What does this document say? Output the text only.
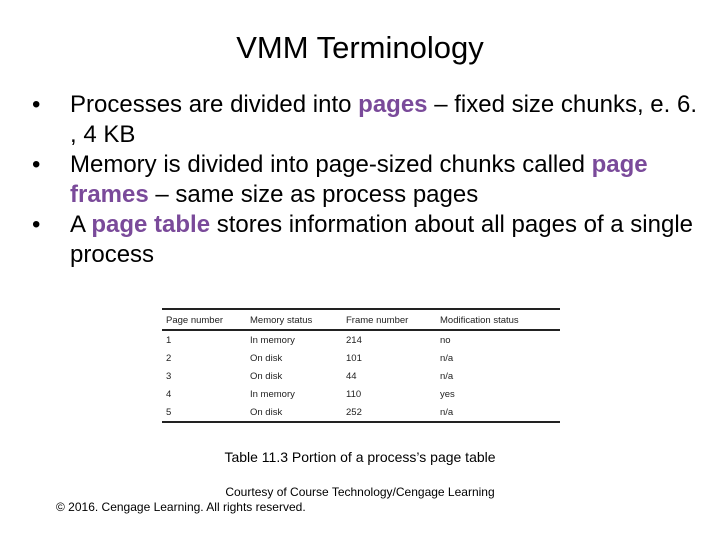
VMM Terminology
•	Processes are divided into pages – fixed size chunks, e. 6. , 4 KB
•	Memory is divided into page-sized chunks called page frames – same size as process pages
•	A page table stores information about all pages of a single process
Page number	Memory status	Frame number	Modification status
1	In memory	214	no
2	On disk	101	n/a
3	On disk	44	n/a
4	In memory	110	yes
5	On disk	252	n/a
Table 11.3 Portion of a process’s page table
Courtesy of Course Technology/Cengage Learning
© 2016. Cengage Learning. All rights reserved.
